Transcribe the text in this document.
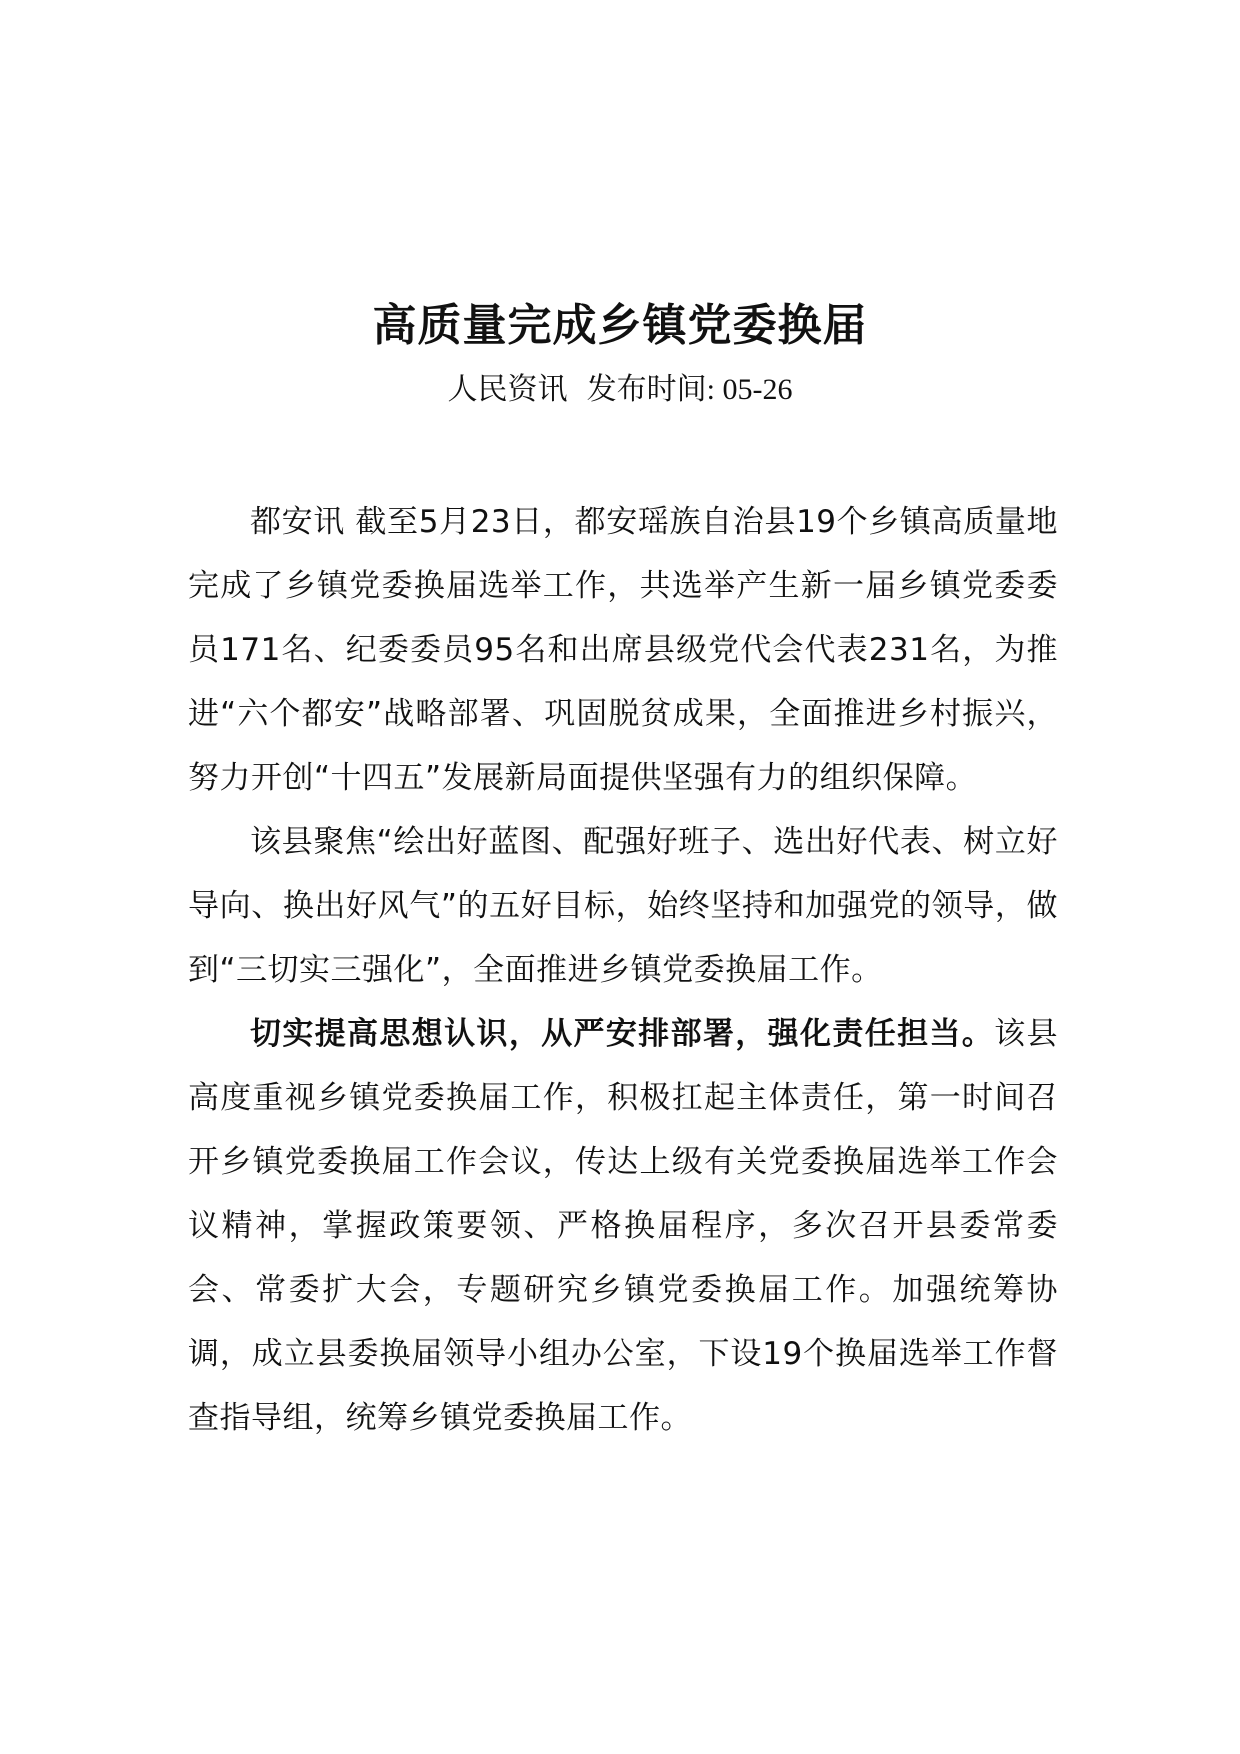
高质量完成乡镇党委换届
人民资讯 发布时间: 05-26

都安讯 截至5月23日，都安瑶族自治县19个乡镇高质量地完成了乡镇党委换届选举工作，共选举产生新一届乡镇党委委员171名、纪委委员95名和出席县级党代会代表231名，为推进“六个都安”战略部署、巩固脱贫成果，全面推进乡村振兴，努力开创“十四五”发展新局面提供坚强有力的组织保障。

该县聚焦“绘出好蓝图、配强好班子、选出好代表、树立好导向、换出好风气”的五好目标，始终坚持和加强党的领导，做到“三切实三强化”，全面推进乡镇党委换届工作。

切实提高思想认识，从严安排部署，强化责任担当。该县高度重视乡镇党委换届工作，积极扛起主体责任，第一时间召开乡镇党委换届工作会议，传达上级有关党委换届选举工作会议精神，掌握政策要领、严格换届程序，多次召开县委常委会、常委扩大会，专题研究乡镇党委换届工作。加强统筹协调，成立县委换届领导小组办公室，下设19个换届选举工作督查指导组，统筹乡镇党委换届工作。
